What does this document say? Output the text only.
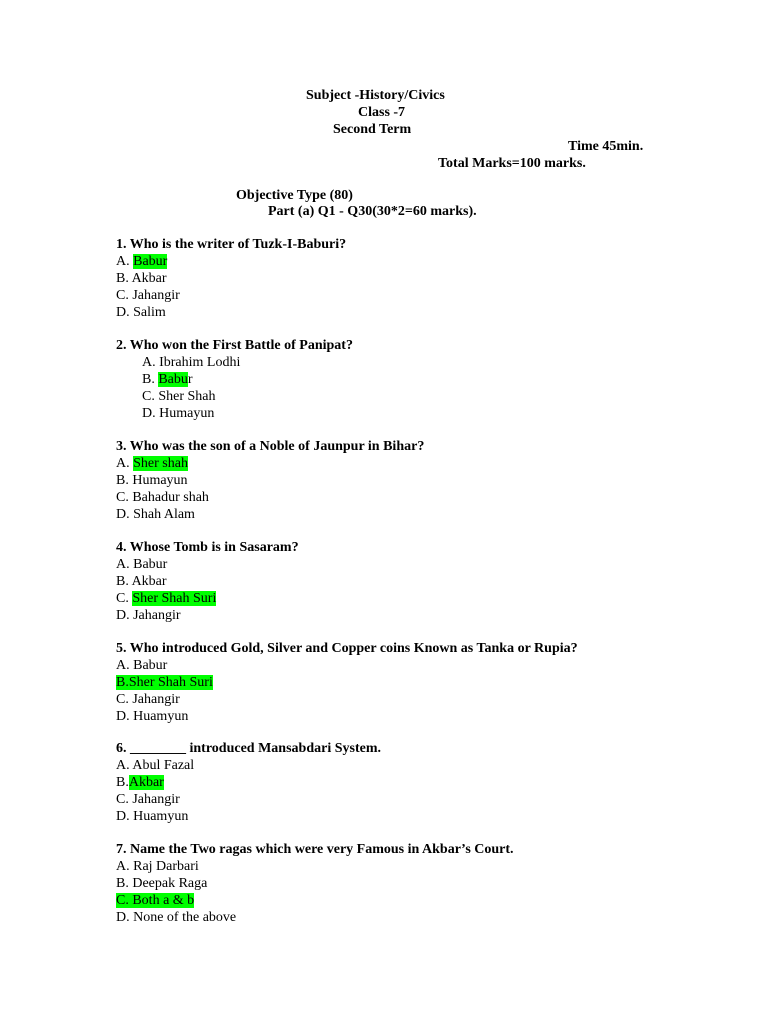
Subject -History/Civics
Class -7
Second Term
Time 45min.
Total Marks=100 marks.
Objective Type (80)
Part (a) Q1 - Q30(30*2=60 marks).
1. Who is the writer of Tuzk-I-Baburi?
A. Babur
B. Akbar
C. Jahangir
D. Salim
2. Who won the First Battle of Panipat?
A. Ibrahim Lodhi
B. Babur
C. Sher Shah
D. Humayun
3. Who was the son of a Noble of Jaunpur in Bihar?
A. Sher shah
B. Humayun
C. Bahadur shah
D. Shah Alam
4. Whose Tomb is in Sasaram?
A. Babur
B. Akbar
C. Sher Shah Suri
D. Jahangir
5. Who introduced Gold, Silver and Copper coins Known as Tanka or Rupia?
A. Babur
B.Sher Shah Suri
C. Jahangir
D. Huamyun
6. ________ introduced Mansabdari System.
A. Abul Fazal
B.Akbar
C. Jahangir
D. Huamyun
7. Name the Two ragas which were very Famous in Akbar’s Court.
A. Raj Darbari
B. Deepak Raga
C. Both a & b
D. None of the above
